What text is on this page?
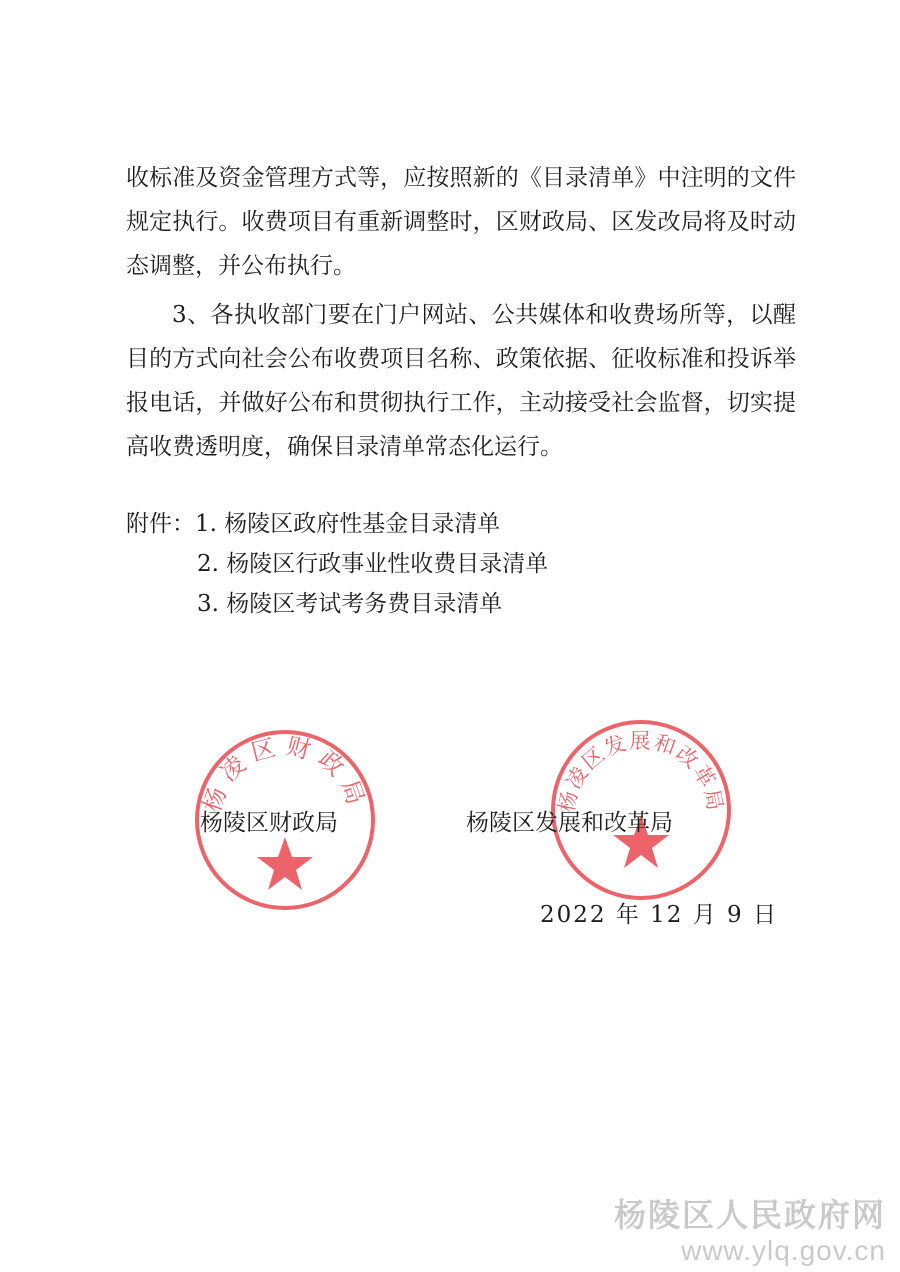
收标准及资金管理方式等，应按照新的《目录清单》中注明的文件规定执行。收费项目有重新调整时，区财政局、区发改局将及时动态调整，并公布执行。

3、各执收部门要在门户网站、公共媒体和收费场所等，以醒目的方式向社会公布收费项目名称、政策依据、征收标准和投诉举报电话，并做好公布和贯彻执行工作，主动接受社会监督，切实提高收费透明度，确保目录清单常态化运行。

附件：1. 杨陵区政府性基金目录清单
2. 杨陵区行政事业性收费目录清单
3. 杨陵区考试考务费目录清单
杨凌区财政局	杨凌区发展和改革局
杨陵区财政局	杨陵区发展和改革局
2022 年 12 月 9 日
杨陵区人民政府网
www.ylq.gov.cn
